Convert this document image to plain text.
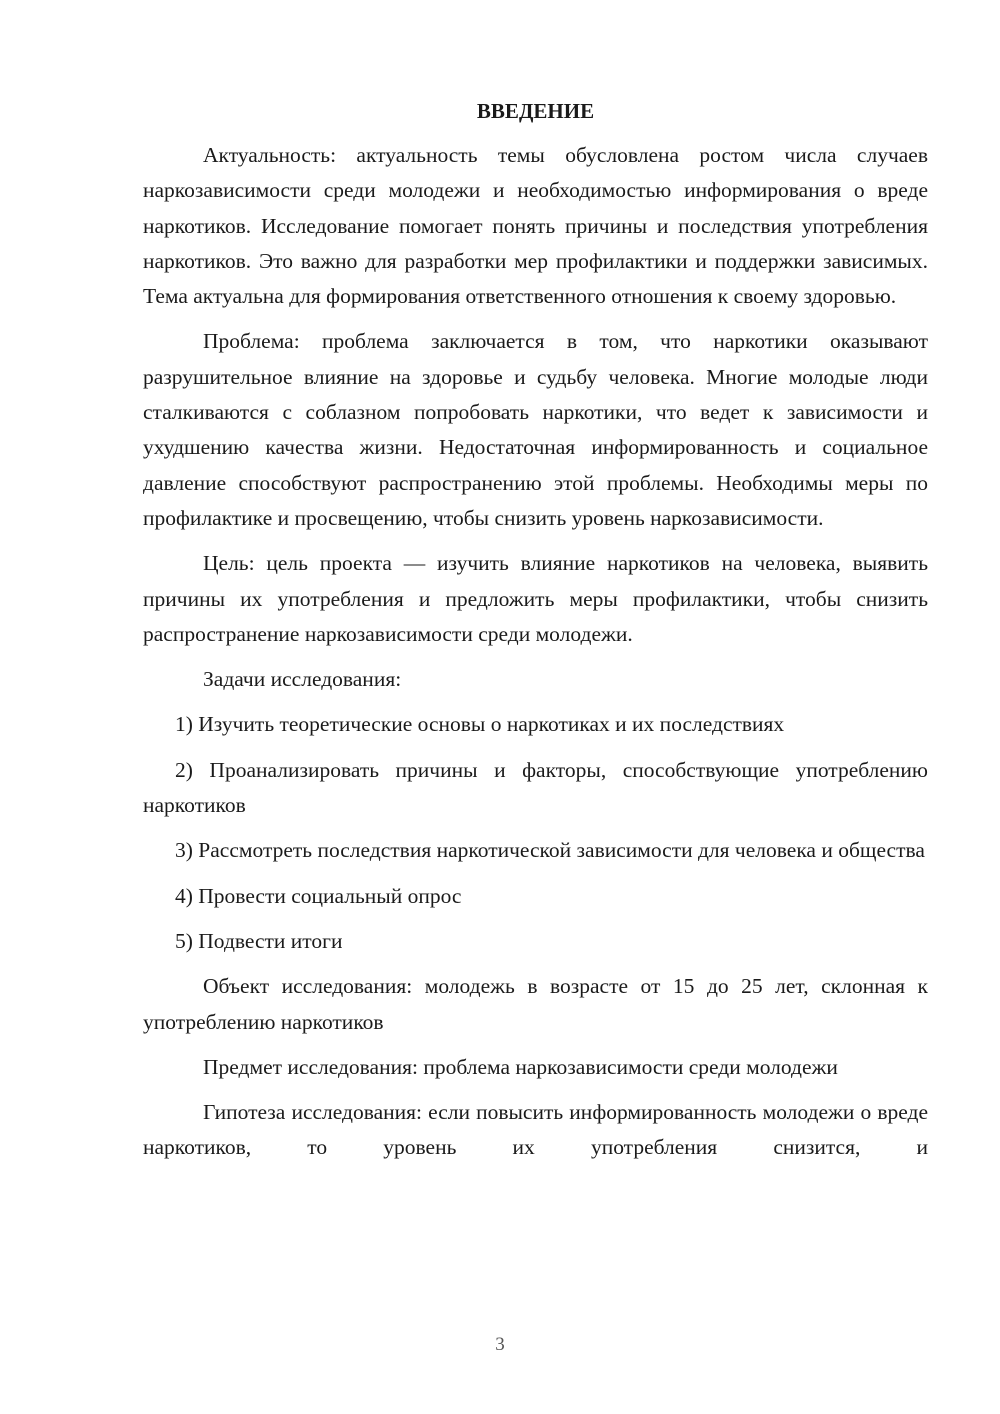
ВВЕДЕНИЕ

Актуальность: актуальность темы обусловлена ростом числа случаев наркозависимости среди молодежи и необходимостью информирования о вреде наркотиков. Исследование помогает понять причины и последствия употребления наркотиков. Это важно для разработки мер профилактики и поддержки зависимых. Тема актуальна для формирования ответственного отношения к своему здоровью.

Проблема: проблема заключается в том, что наркотики оказывают разрушительное влияние на здоровье и судьбу человека. Многие молодые люди сталкиваются с соблазном попробовать наркотики, что ведет к зависимости и ухудшению качества жизни. Недостаточная информированность и социальное давление способствуют распространению этой проблемы. Необходимы меры по профилактике и просвещению, чтобы снизить уровень наркозависимости.

Цель: цель проекта — изучить влияние наркотиков на человека, выявить причины их употребления и предложить меры профилактики, чтобы снизить распространение наркозависимости среди молодежи.

Задачи исследования:

1) Изучить теоретические основы о наркотиках и их последствиях

2) Проанализировать причины и факторы, способствующие употреблению наркотиков

3) Рассмотреть последствия наркотической зависимости для человека и общества

4) Провести социальный опрос

5) Подвести итоги

Объект исследования: молодежь в возрасте от 15 до 25 лет, склонная к употреблению наркотиков

Предмет исследования: проблема наркозависимости среди молодежи

Гипотеза исследования: если повысить информированность молодежи о вреде наркотиков, то уровень их употребления снизится, и

3
